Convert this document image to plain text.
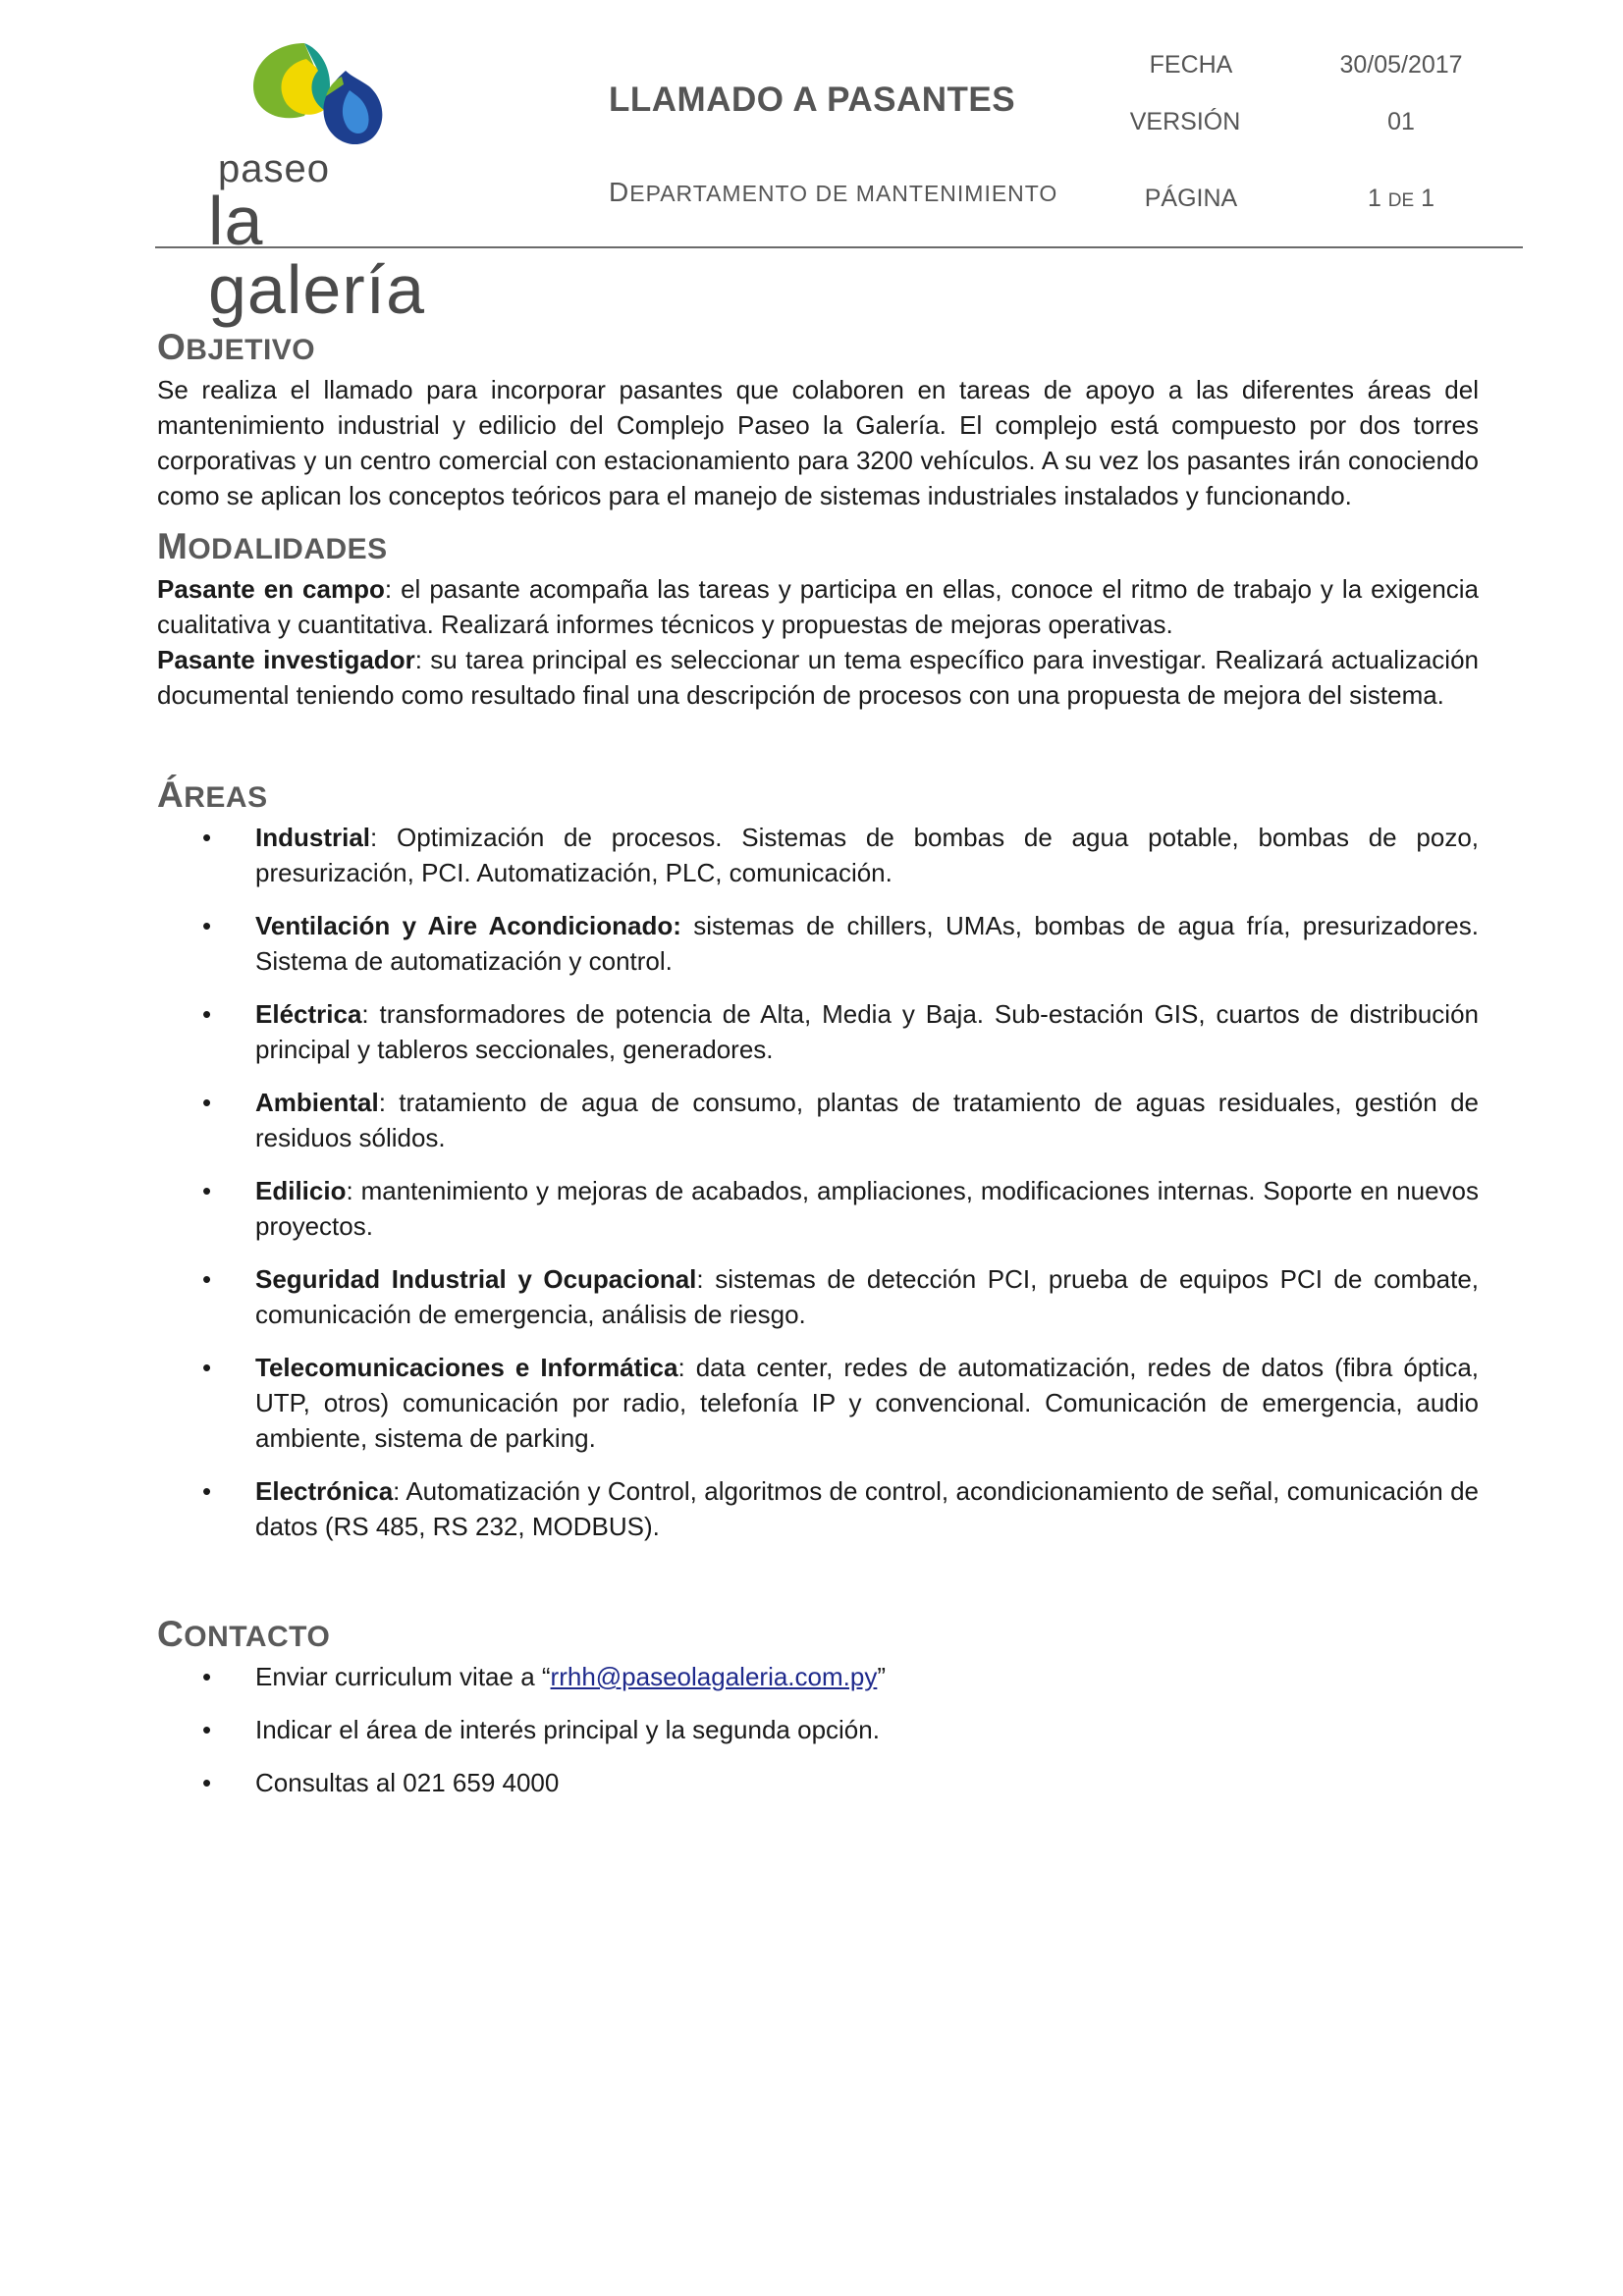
paseo
la galería
LLAMADO A PASANTES
DEPARTAMENTO DE MANTENIMIENTO
FECHA	30/05/2017
VERSIÓN	01
PÁGINA	1 DE 1
OBJETIVO

Se realiza el llamado para incorporar pasantes que colaboren en tareas de apoyo a las diferentes áreas del mantenimiento industrial y edilicio del Complejo Paseo la Galería. El complejo está compuesto por dos torres corporativas y un centro comercial con estacionamiento para 3200 vehículos. A su vez los pasantes irán conociendo como se aplican los conceptos teóricos para el manejo de sistemas industriales instalados y funcionando.

MODALIDADES

Pasante en campo: el pasante acompaña las tareas y participa en ellas, conoce el ritmo de trabajo y la exigencia cualitativa y cuantitativa. Realizará informes técnicos y propuestas de mejoras operativas.

Pasante investigador: su tarea principal es seleccionar un tema específico para investigar. Realizará actualización documental teniendo como resultado final una descripción de procesos con una propuesta de mejora del sistema.

ÁREAS
• Industrial: Optimización de procesos. Sistemas de bombas de agua potable, bombas de pozo, presurización, PCI. Automatización, PLC, comunicación.
• Ventilación y Aire Acondicionado: sistemas de chillers, UMAs, bombas de agua fría, presurizadores. Sistema de automatización y control.
• Eléctrica: transformadores de potencia de Alta, Media y Baja. Sub-estación GIS, cuartos de distribución principal y tableros seccionales, generadores.
• Ambiental: tratamiento de agua de consumo, plantas de tratamiento de aguas residuales, gestión de residuos sólidos.
• Edilicio: mantenimiento y mejoras de acabados, ampliaciones, modificaciones internas. Soporte en nuevos proyectos.
• Seguridad Industrial y Ocupacional: sistemas de detección PCI, prueba de equipos PCI de combate, comunicación de emergencia, análisis de riesgo.
• Telecomunicaciones e Informática: data center, redes de automatización, redes de datos (fibra óptica, UTP, otros) comunicación por radio, telefonía IP y convencional. Comunicación de emergencia, audio ambiente, sistema de parking.
• Electrónica: Automatización y Control, algoritmos de control, acondicionamiento de señal, comunicación de datos (RS 485, RS 232, MODBUS).
CONTACTO
• Enviar curriculum vitae a “rrhh@paseolagaleria.com.py”
• Indicar el área de interés principal y la segunda opción.
• Consultas al 021 659 4000
